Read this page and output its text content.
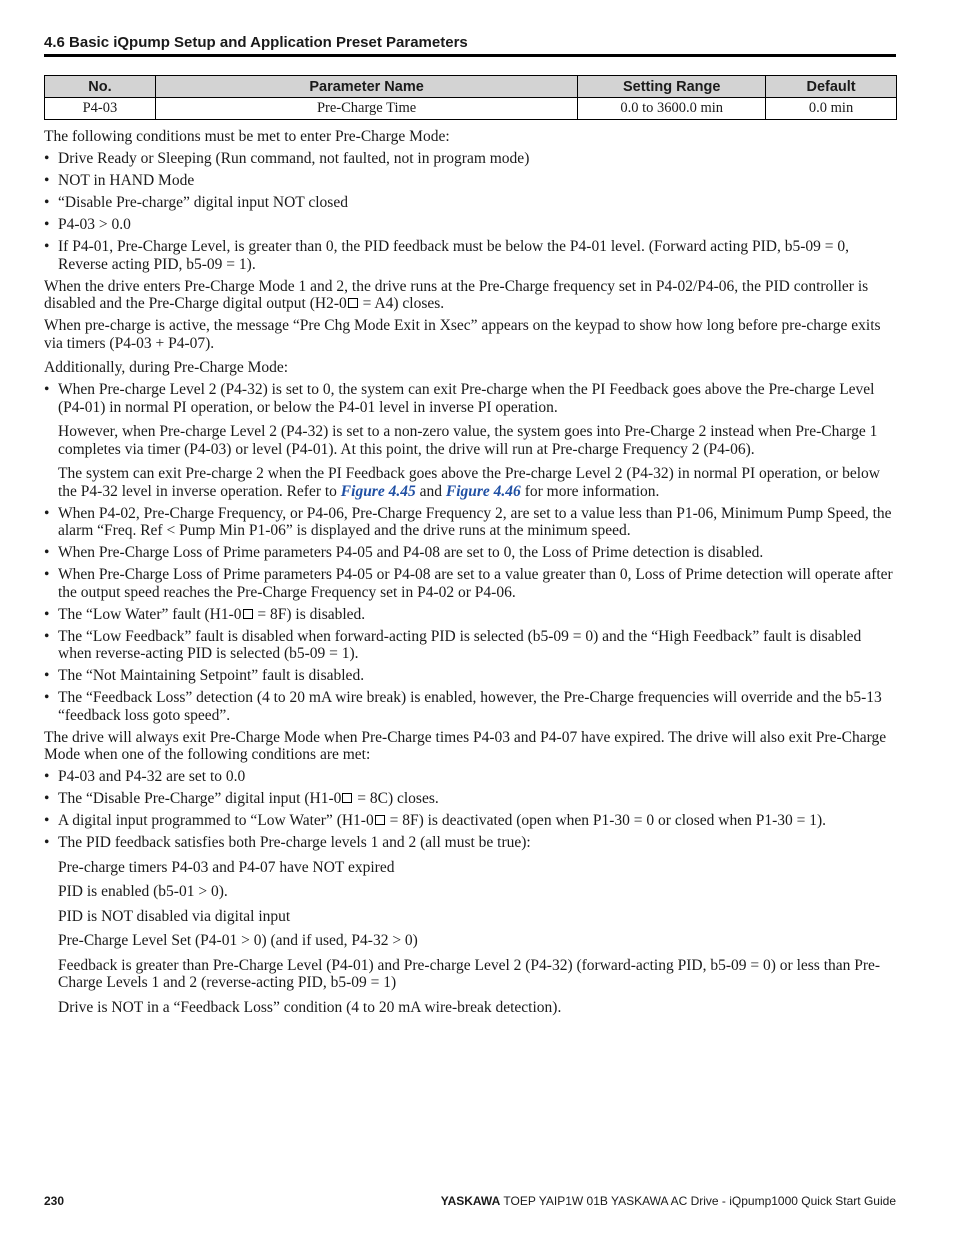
4.6 Basic iQpump Setup and Application Preset Parameters
No.	Parameter Name	Setting Range	Default
P4-03	Pre-Charge Time	0.0 to 3600.0 min	0.0 min

The following conditions must be met to enter Pre-Charge Mode:

• Drive Ready or Sleeping (Run command, not faulted, not in program mode)
• NOT in HAND Mode
• “Disable Pre-charge” digital input NOT closed
• P4-03 > 0.0
• If P4-01, Pre-Charge Level, is greater than 0, the PID feedback must be below the P4-01 level. (Forward acting PID, b5-09 = 0, Reverse acting PID, b5-09 = 1).

When the drive enters Pre-Charge Mode 1 and 2, the drive runs at the Pre-Charge frequency set in P4-02/P4-06, the PID controller is disabled and the Pre-Charge digital output (H2-0 = A4) closes.

When pre-charge is active, the message “Pre Chg Mode Exit in Xsec” appears on the keypad to show how long before pre-charge exits via timers (P4-03 + P4-07).

Additionally, during Pre-Charge Mode:

• When Pre-charge Level 2 (P4-32) is set to 0, the system can exit Pre-charge when the PI Feedback goes above the Pre-charge Level (P4-01) in normal PI operation, or below the P4-01 level in inverse PI operation.
However, when Pre-charge Level 2 (P4-32) is set to a non-zero value, the system goes into Pre-Charge 2 instead when Pre-Charge 1 completes via timer (P4-03) or level (P4-01). At this point, the drive will run at Pre-charge Frequency 2 (P4-06).
The system can exit Pre-charge 2 when the PI Feedback goes above the Pre-charge Level 2 (P4-32) in normal PI operation, or below the P4-32 level in inverse operation. Refer to Figure 4.45 and Figure 4.46 for more information.
• When P4-02, Pre-Charge Frequency, or P4-06, Pre-Charge Frequency 2, are set to a value less than P1-06, Minimum Pump Speed, the alarm “Freq. Ref < Pump Min P1-06” is displayed and the drive runs at the minimum speed.
• When Pre-Charge Loss of Prime parameters P4-05 and P4-08 are set to 0, the Loss of Prime detection is disabled.
• When Pre-Charge Loss of Prime parameters P4-05 or P4-08 are set to a value greater than 0, Loss of Prime detection will operate after the output speed reaches the Pre-Charge Frequency set in P4-02 or P4-06.
• The “Low Water” fault (H1-0 = 8F) is disabled.
• The “Low Feedback” fault is disabled when forward-acting PID is selected (b5-09 = 0) and the “High Feedback” fault is disabled when reverse-acting PID is selected (b5-09 = 1).
• The “Not Maintaining Setpoint” fault is disabled.
• The “Feedback Loss” detection (4 to 20 mA wire break) is enabled, however, the Pre-Charge frequencies will override and the b5-13 “feedback loss goto speed”.

The drive will always exit Pre-Charge Mode when Pre-Charge times P4-03 and P4-07 have expired. The drive will also exit Pre-Charge Mode when one of the following conditions are met:

• P4-03 and P4-32 are set to 0.0
• The “Disable Pre-Charge” digital input (H1-0 = 8C) closes.
• A digital input programmed to “Low Water” (H1-0 = 8F) is deactivated (open when P1-30 = 0 or closed when P1-30 = 1).
• The PID feedback satisfies both Pre-charge levels 1 and 2 (all must be true):
Pre-charge timers P4-03 and P4-07 have NOT expired
PID is enabled (b5-01 > 0).
PID is NOT disabled via digital input
Pre-Charge Level Set (P4-01 > 0) (and if used, P4-32 > 0)
Feedback is greater than Pre-Charge Level (P4-01) and Pre-charge Level 2 (P4-32) (forward-acting PID, b5-09 = 0) or less than Pre-Charge Levels 1 and 2 (reverse-acting PID, b5-09 = 1)
Drive is NOT in a “Feedback Loss” condition (4 to 20 mA wire-break detection).
230	YASKAWA TOEP YAIP1W 01B YASKAWA AC Drive - iQpump1000 Quick Start Guide
